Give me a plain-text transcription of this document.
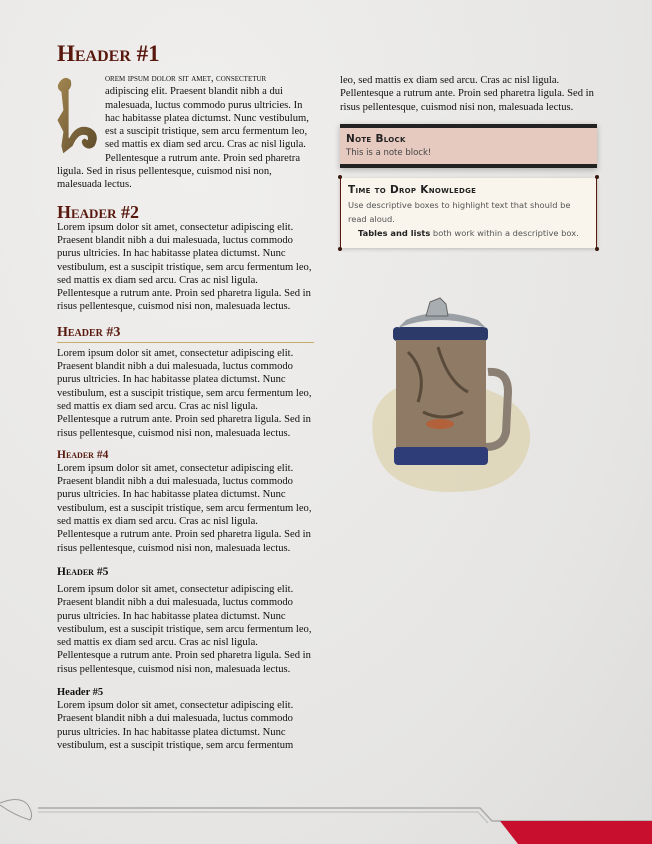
Header #1

orem ipsum dolor sit amet, consectetur
adipiscing elit. Praesent blandit nibh a dui malesuada, luctus commodo purus ultricies. In hac habitasse platea dictumst. Nunc vestibulum, est a suscipit tristique, sem arcu fermentum leo, sed mattis ex diam sed arcu. Cras ac nisl ligula. Pellentesque a rutrum ante. Proin sed pharetra ligula. Sed in risus pellentesque, cuismod nisi non, malesuada lectus.

Header #2

Lorem ipsum dolor sit amet, consectetur adipiscing elit. Praesent blandit nibh a dui malesuada, luctus commodo purus ultricies. In hac habitasse platea dictumst. Nunc vestibulum, est a suscipit tristique, sem arcu fermentum leo, sed mattis ex diam sed arcu. Cras ac nisl ligula. Pellentesque a rutrum ante. Proin sed pharetra ligula. Sed in risus pellentesque, cuismod nisi non, malesuada lectus.

Header #3

Lorem ipsum dolor sit amet, consectetur adipiscing elit. Praesent blandit nibh a dui malesuada, luctus commodo purus ultricies. In hac habitasse platea dictumst. Nunc vestibulum, est a suscipit tristique, sem arcu fermentum leo, sed mattis ex diam sed arcu. Cras ac nisl ligula. Pellentesque a rutrum ante. Proin sed pharetra ligula. Sed in risus pellentesque, cuismod nisi non, malesuada lectus.

Header #4

Lorem ipsum dolor sit amet, consectetur adipiscing elit. Praesent blandit nibh a dui malesuada, luctus commodo purus ultricies. In hac habitasse platea dictumst. Nunc vestibulum, est a suscipit tristique, sem arcu fermentum leo, sed mattis ex diam sed arcu. Cras ac nisl ligula. Pellentesque a rutrum ante. Proin sed pharetra ligula. Sed in risus pellentesque, cuismod nisi non, malesuada lectus.

Header #5

Lorem ipsum dolor sit amet, consectetur adipiscing elit. Praesent blandit nibh a dui malesuada, luctus commodo purus ultricies. In hac habitasse platea dictumst. Nunc vestibulum, est a suscipit tristique, sem arcu fermentum leo, sed mattis ex diam sed arcu. Cras ac nisl ligula. Pellentesque a rutrum ante. Proin sed pharetra ligula. Sed in risus pellentesque, cuismod nisi non, malesuada lectus.

Header #5

Lorem ipsum dolor sit amet, consectetur adipiscing elit. Praesent blandit nibh a dui malesuada, luctus commodo purus ultricies. In hac habitasse platea dictumst. Nunc vestibulum, est a suscipit tristique, sem arcu fermentum

leo, sed mattis ex diam sed arcu. Cras ac nisl ligula. Pellentesque a rutrum ante. Proin sed pharetra ligula. Sed in risus pellentesque, cuismod nisi non, malesuada lectus.

Note Block
This is a note block!
Time to Drop Knowledge
Use descriptive boxes to highlight text that should be read aloud.
Tables and lists both work within a descriptive box.
